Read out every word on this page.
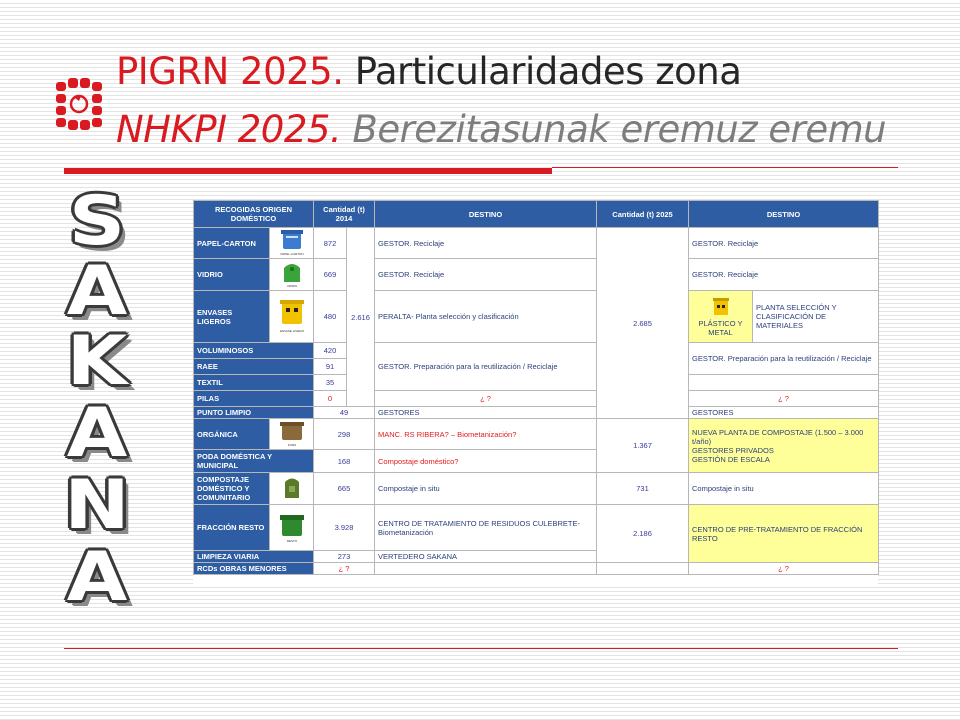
PIGRN 2025. Particularidades zona
NHKPI 2025. Berezitasunak eremuz eremu
S
A
K
A
N
A
RECOGIDAS ORIGEN DOMÉSTICO		Cantidad (t) 2014		DESTINO	Cantidad (t) 2025	DESTINO	
PAPEL-CARTON	PAPEL-CARTON	872	2.616	GESTOR. Reciclaje	2.685	GESTOR. Reciclaje	
VIDRIO	VIDRIO	669		GESTOR. Reciclaje		GESTOR. Reciclaje	
ENVASES LIGEROS	ENVASE LIGERO	480		PERALTA- Planta selección y clasificación		PLÁSTICO Y METAL	PLANTA SELECCIÓN Y CLASIFICACIÓN DE MATERIALES
VOLUMINOSOS		420		GESTOR. Preparación para la reutilización / Reciclaje		GESTOR. Preparación para la reutilización / Reciclaje	
RAEE		91					
TEXTIL		35					
PILAS		0		¿ ?		¿ ?	
PUNTO LIMPIO		49		GESTORES		GESTORES	
ORGÁNICA	FORS	298		MANC. RS RIBERA? – Biometanización?	1.367	NUEVA PLANTA DE COMPOSTAJE (1.500 – 3.000 t/año)
GESTORES PRIVADOS
GESTIÓN DE ESCALA	

PODA DOMÉSTICA Y MUNICIPAL		168		Compostaje doméstico?			
COMPOSTAJE DOMÉSTICO Y COMUNITARIO		665		Compostaje in situ	731	Compostaje in situ	
FRACCIÓN RESTO	RESTO	3.928		CENTRO DE TRATAMIENTO DE RESIDUOS CULEBRETE- Biometanización	2.186	CENTRO DE PRE-TRATAMIENTO DE FRACCIÓN RESTO	
LIMPIEZA VIARIA		273		VERTEDERO SAKANA			
RCDs OBRAS MENORES		¿ ?				¿ ?	
